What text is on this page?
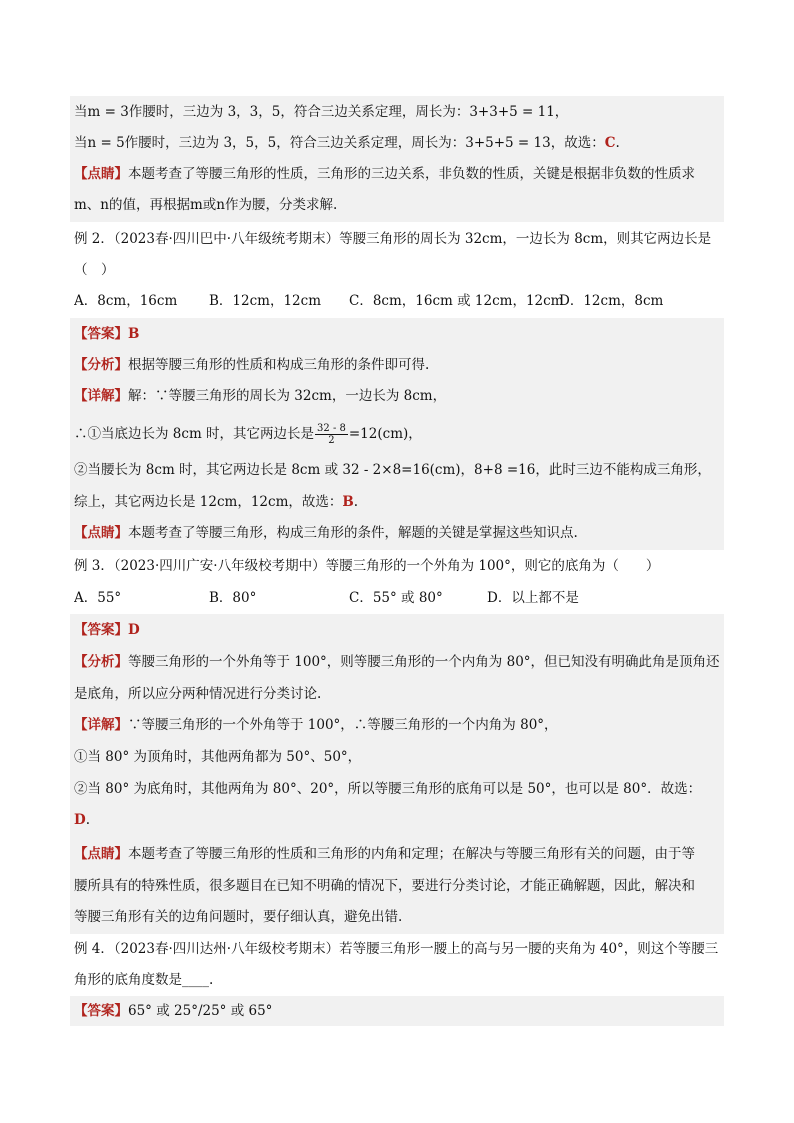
当m = 3作腰时，三边为 3，3，5，符合三边关系定理，周长为：3+3+5 = 11，
当n = 5作腰时，三边为 3，5，5，符合三边关系定理，周长为：3+5+5 = 13，故选：C.
【点睛】本题考查了等腰三角形的性质，三角形的三边关系，非负数的性质，关键是根据非负数的性质求
m、n的值，再根据m或n作为腰，分类求解.
例 2．（2023春·四川巴中·八年级统考期末）等腰三角形的周长为 32cm，一边长为 8cm，则其它两边长是
（　）
A．8cm，16cm B．12cm，12cm C．8cm，16cm 或 12cm，12cmD．12cm，8cm
【答案】B
【分析】根据等腰三角形的性质和构成三角形的条件即可得.
【详解】解：∵等腰三角形的周长为 32cm，一边长为 8cm，
∴①当底边长为 8cm 时，其它两边长是 $\frac{32 - 8}{2} =12(cm)$，
②当腰长为 8cm 时，其它两边长是 8cm 或 32 - 2×8=16(cm)，8+8 =16，此时三边不能构成三角形，
综上，其它两边长是 12cm，12cm，故选：B.
【点睛】本题考查了等腰三角形，构成三角形的条件，解题的关键是掌握这些知识点.
例 3．（2023·四川广安·八年级校考期中）等腰三角形的一个外角为 100°，则它的底角为（　　）
A．55°	B．80°	C．55° 或 80°	D．以上都不是
【答案】D
【分析】等腰三角形的一个外角等于 100°，则等腰三角形的一个内角为 80°，但已知没有明确此角是顶角还
是底角，所以应分两种情况进行分类讨论.
【详解】∵等腰三角形的一个外角等于 100°，∴等腰三角形的一个内角为 80°，
①当 80° 为顶角时，其他两角都为 50°、50°，
②当 80° 为底角时，其他两角为 80°、20°，所以等腰三角形的底角可以是 50°，也可以是 80°．故选：
D.
【点睛】本题考查了等腰三角形的性质和三角形的内角和定理；在解决与等腰三角形有关的问题，由于等
腰所具有的特殊性质，很多题目在已知不明确的情况下，要进行分类讨论，才能正确解题，因此，解决和
等腰三角形有关的边角问题时，要仔细认真，避免出错.
例 4．（2023春·四川达州·八年级校考期末）若等腰三角形一腰上的高与另一腰的夹角为 40°，则这个等腰三
角形的底角度数是____.
【答案】65° 或 25°/25° 或 65°
